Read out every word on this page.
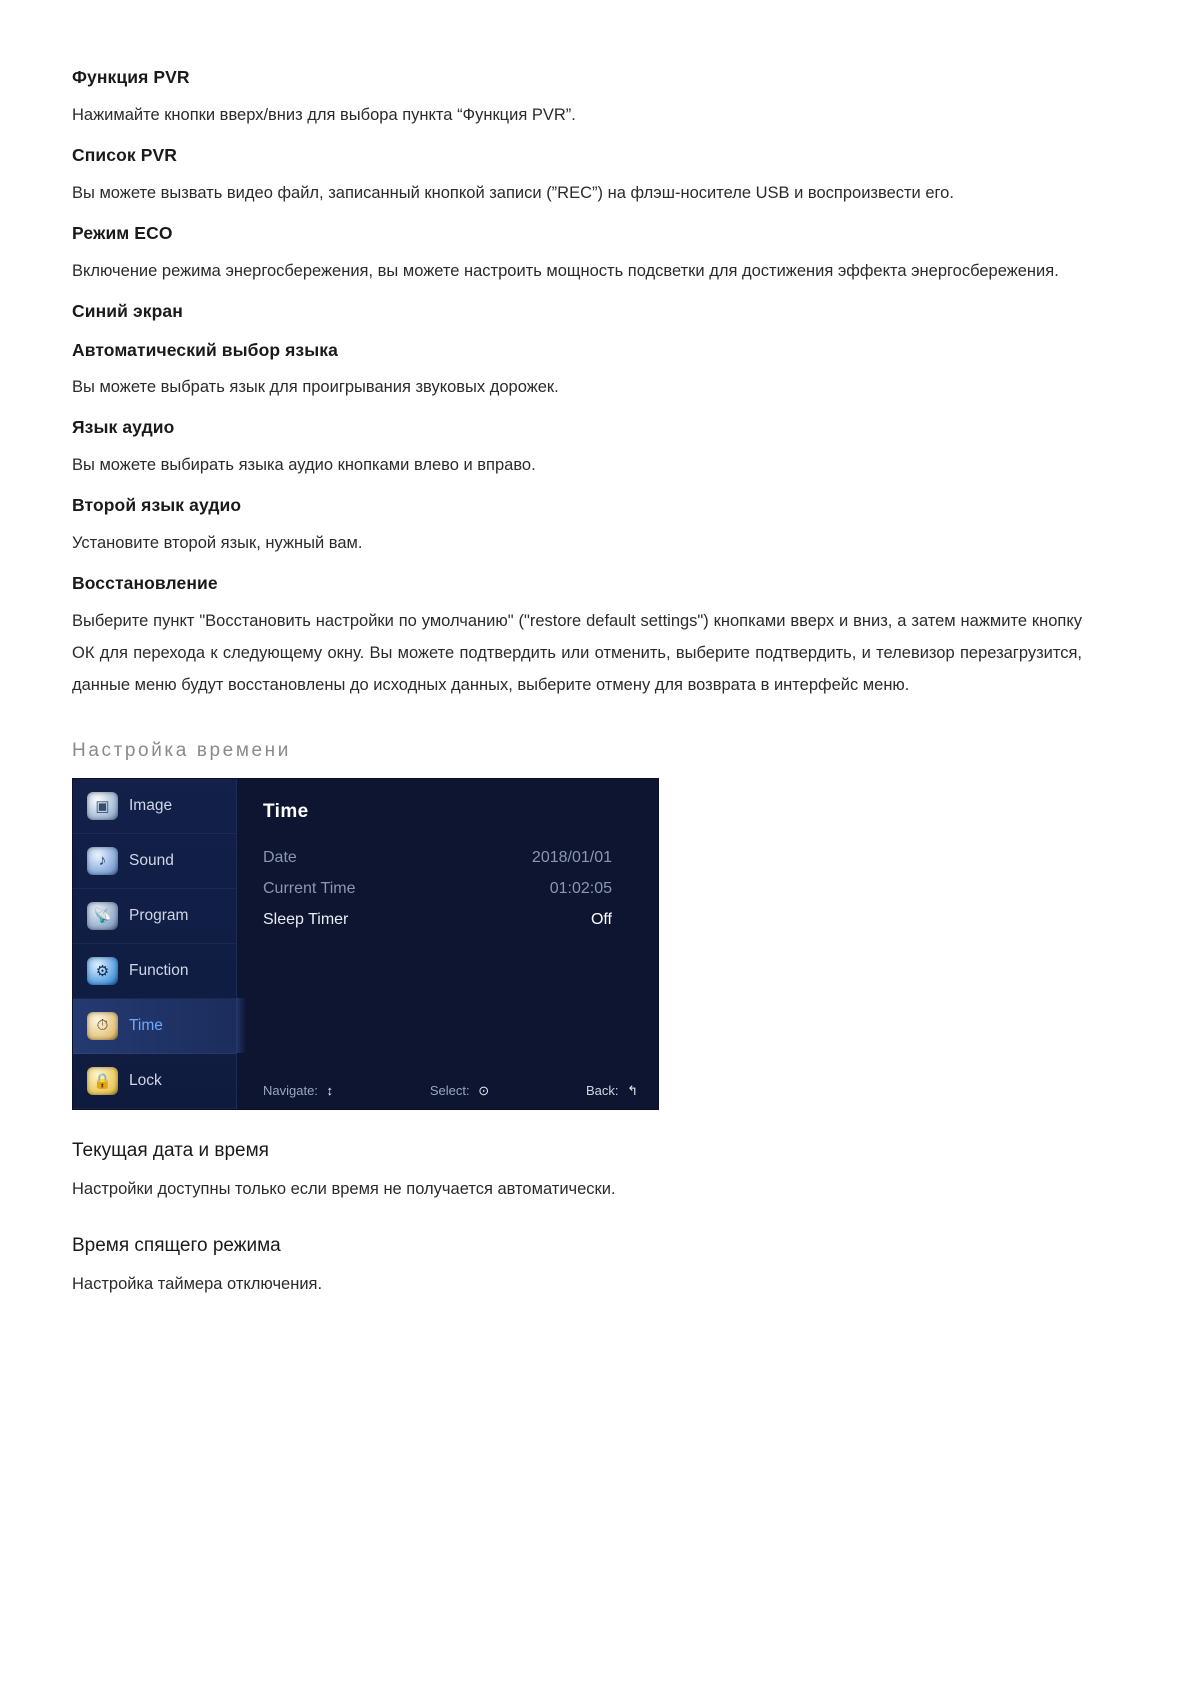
Функция PVR

Нажимайте кнопки вверх/вниз для выбора пункта “Функция PVR”.

Список PVR

Вы можете вызвать видео файл, записанный кнопкой записи (”REC”) на флэш-носителе USB и воспроизвести его.

Режим ECO

Включение режима энергосбережения, вы можете настроить мощность подсветки для достижения эффекта энергосбережения.

Синий экран
Автоматический выбор языка

Вы можете выбрать язык для проигрывания звуковых дорожек.

Язык аудио

Вы можете выбирать языка аудио кнопками влево и вправо.

Второй язык аудио

Установите второй язык, нужный вам.

Восстановление

Выберите пункт "Восстановить настройки по умолчанию" ("restore default settings") кнопками вверх и вниз, а затем нажмите кнопку ОК для перехода к следующему окну. Вы можете подтвердить или отменить, выберите подтвердить, и телевизор перезагрузится, данные меню будут восстановлены до исходных данных, выберите отмену для возврата в интерфейс меню.

Настройка времени
▣	Image
♪	Sound
📡	Program
⚙	Function
⏱	Time
🔒	Lock
Time
Date	2018/01/01
Current Time	01:02:05
Sleep Timer	Off
Navigate: ↕	Select: ⊙	Back: ↰
Текущая дата и время

Настройки доступны только если время не получается автоматически.

Время спящего режима

Настройка таймера отключения.
